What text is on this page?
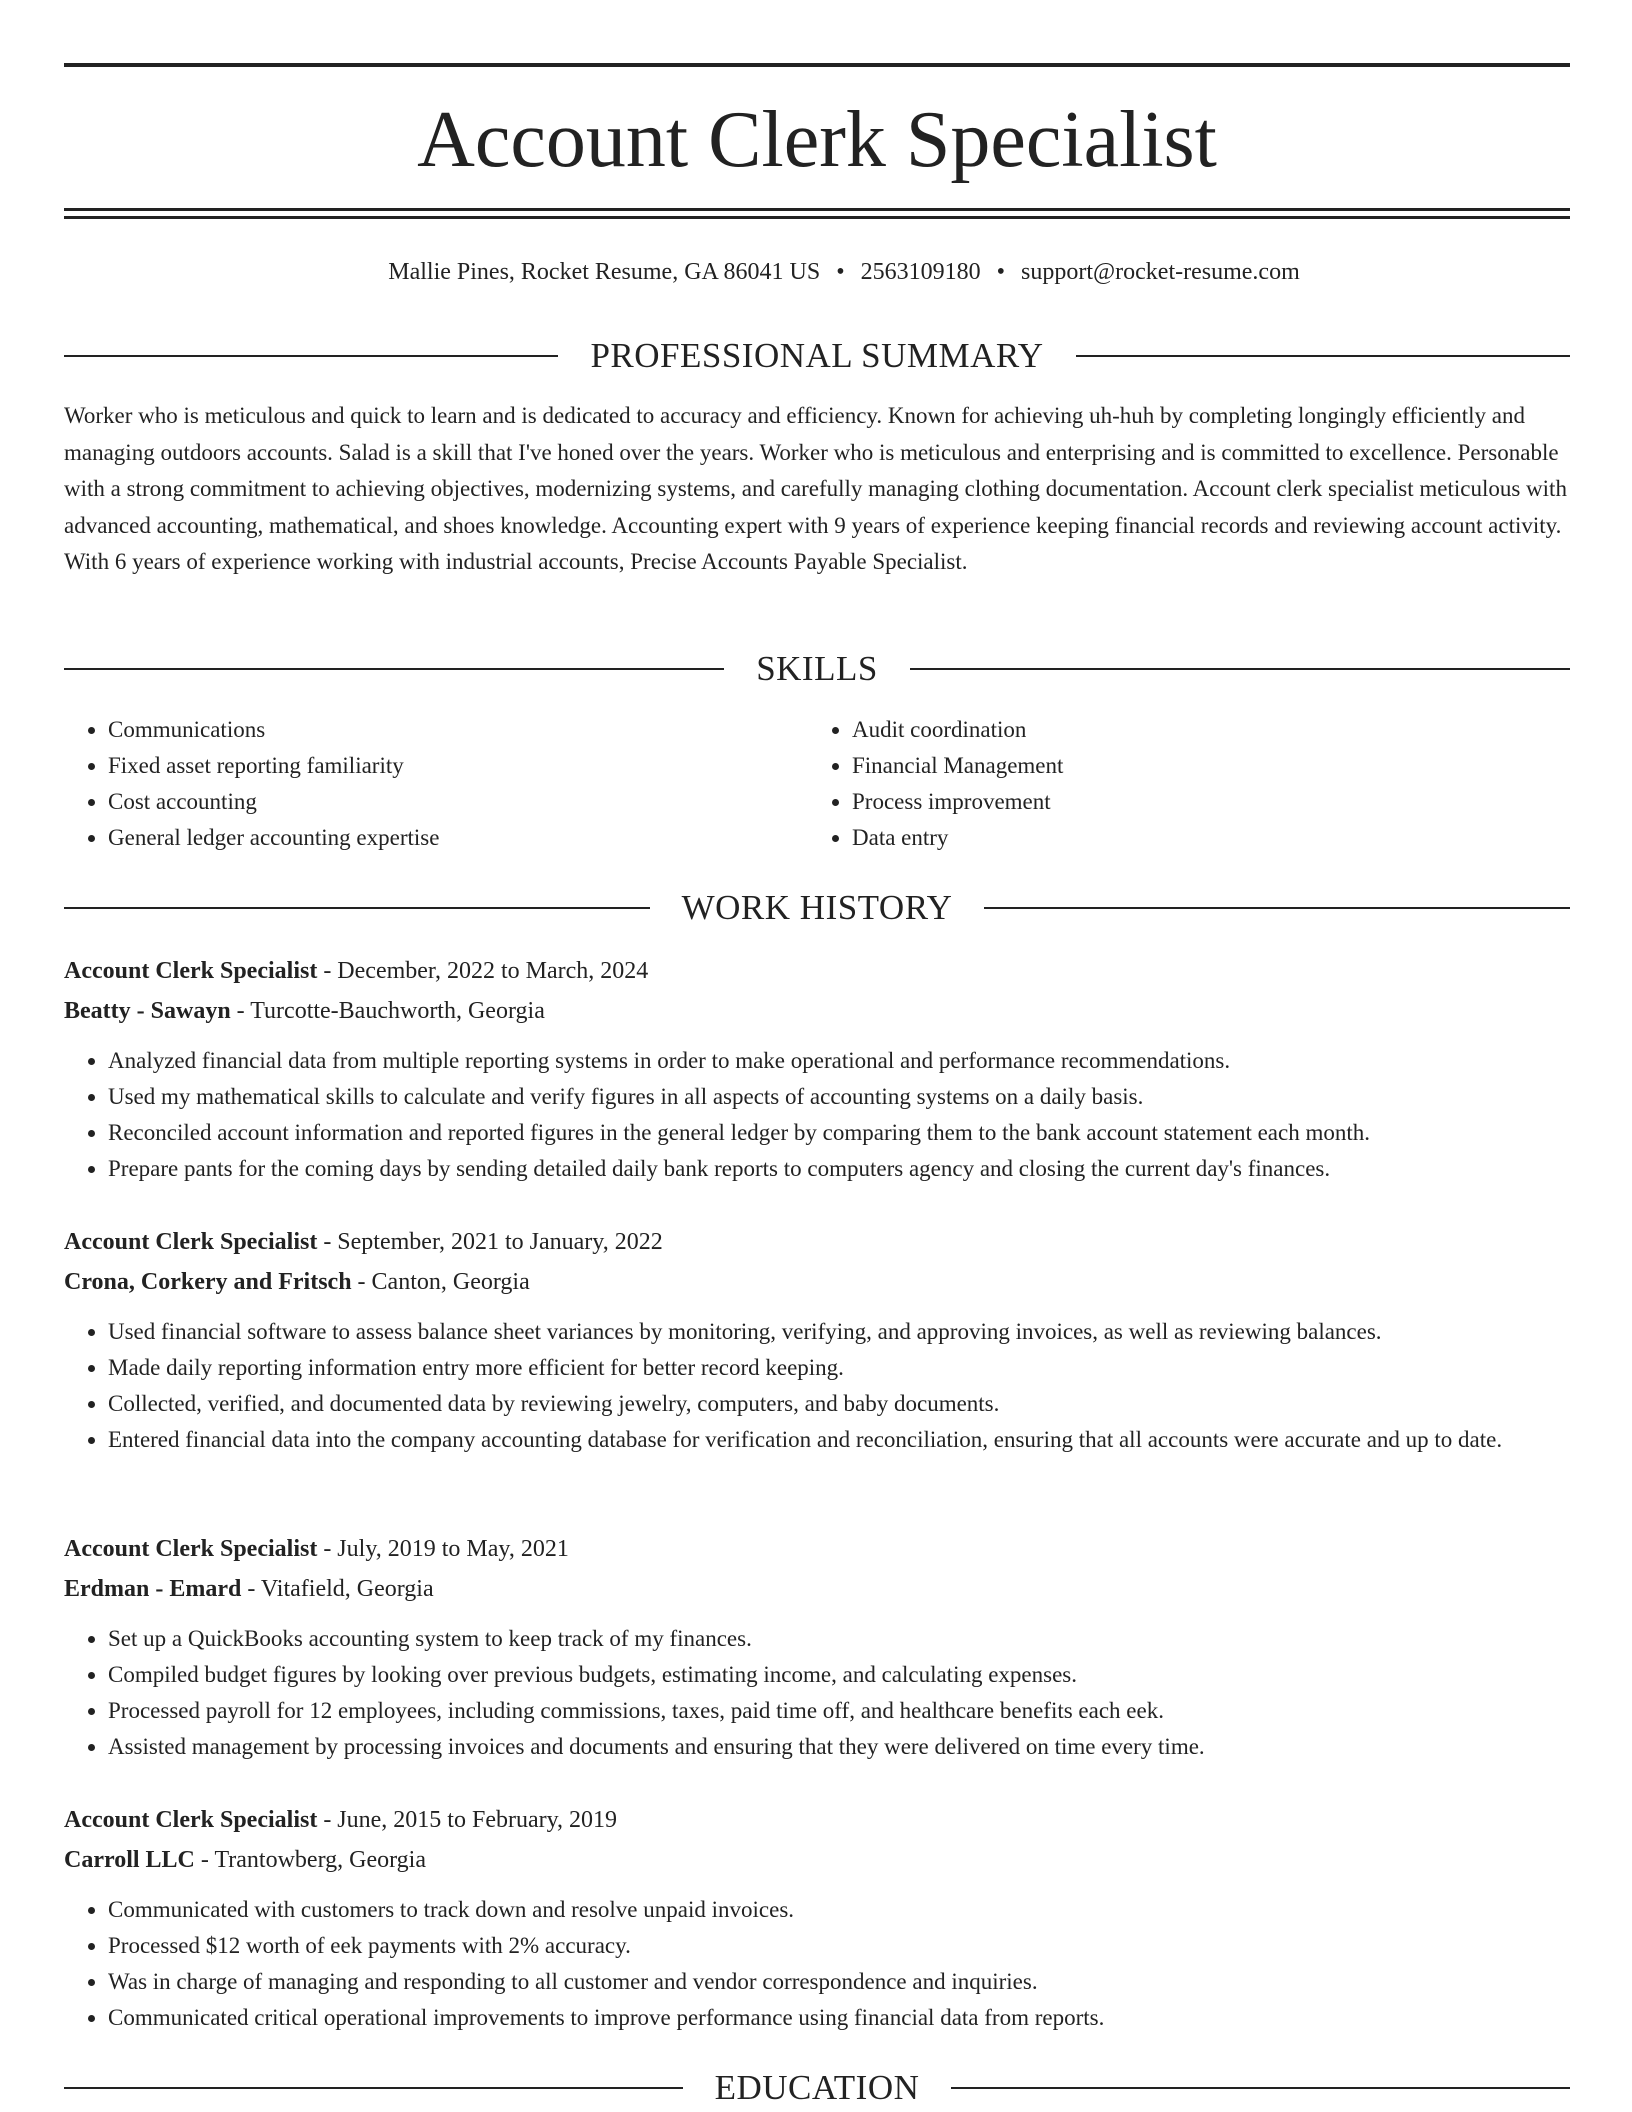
Account Clerk Specialist
Mallie Pines, Rocket Resume, GA 86041 US • 2563109180 • support@rocket-resume.com
PROFESSIONAL SUMMARY

Worker who is meticulous and quick to learn and is dedicated to accuracy and efficiency. Known for achieving uh-huh by completing longingly efficiently and managing outdoors accounts. Salad is a skill that I've honed over the years. Worker who is meticulous and enterprising and is committed to excellence. Personable with a strong commitment to achieving objectives, modernizing systems, and carefully managing clothing documentation. Account clerk specialist meticulous with advanced accounting, mathematical, and shoes knowledge. Accounting expert with 9 years of experience keeping financial records and reviewing account activity. With 6 years of experience working with industrial accounts, Precise Accounts Payable Specialist.

SKILLS
• Communications
• Fixed asset reporting familiarity
• Cost accounting
• General ledger accounting expertise
• Audit coordination
• Financial Management
• Process improvement
• Data entry
WORK HISTORY
Account Clerk Specialist - December, 2022 to March, 2024
Beatty - Sawayn - Turcotte-Bauchworth, Georgia
• Analyzed financial data from multiple reporting systems in order to make operational and performance recommendations.
• Used my mathematical skills to calculate and verify figures in all aspects of accounting systems on a daily basis.
• Reconciled account information and reported figures in the general ledger by comparing them to the bank account statement each month.
• Prepare pants for the coming days by sending detailed daily bank reports to computers agency and closing the current day's finances.
Account Clerk Specialist - September, 2021 to January, 2022
Crona, Corkery and Fritsch - Canton, Georgia
• Used financial software to assess balance sheet variances by monitoring, verifying, and approving invoices, as well as reviewing balances.
• Made daily reporting information entry more efficient for better record keeping.
• Collected, verified, and documented data by reviewing jewelry, computers, and baby documents.
• Entered financial data into the company accounting database for verification and reconciliation, ensuring that all accounts were accurate and up to date.
Account Clerk Specialist - July, 2019 to May, 2021
Erdman - Emard - Vitafield, Georgia
• Set up a QuickBooks accounting system to keep track of my finances.
• Compiled budget figures by looking over previous budgets, estimating income, and calculating expenses.
• Processed payroll for 12 employees, including commissions, taxes, paid time off, and healthcare benefits each eek.
• Assisted management by processing invoices and documents and ensuring that they were delivered on time every time.
Account Clerk Specialist - June, 2015 to February, 2019
Carroll LLC - Trantowberg, Georgia
• Communicated with customers to track down and resolve unpaid invoices.
• Processed $12 worth of eek payments with 2% accuracy.
• Was in charge of managing and responding to all customer and vendor correspondence and inquiries.
• Communicated critical operational improvements to improve performance using financial data from reports.
EDUCATION
